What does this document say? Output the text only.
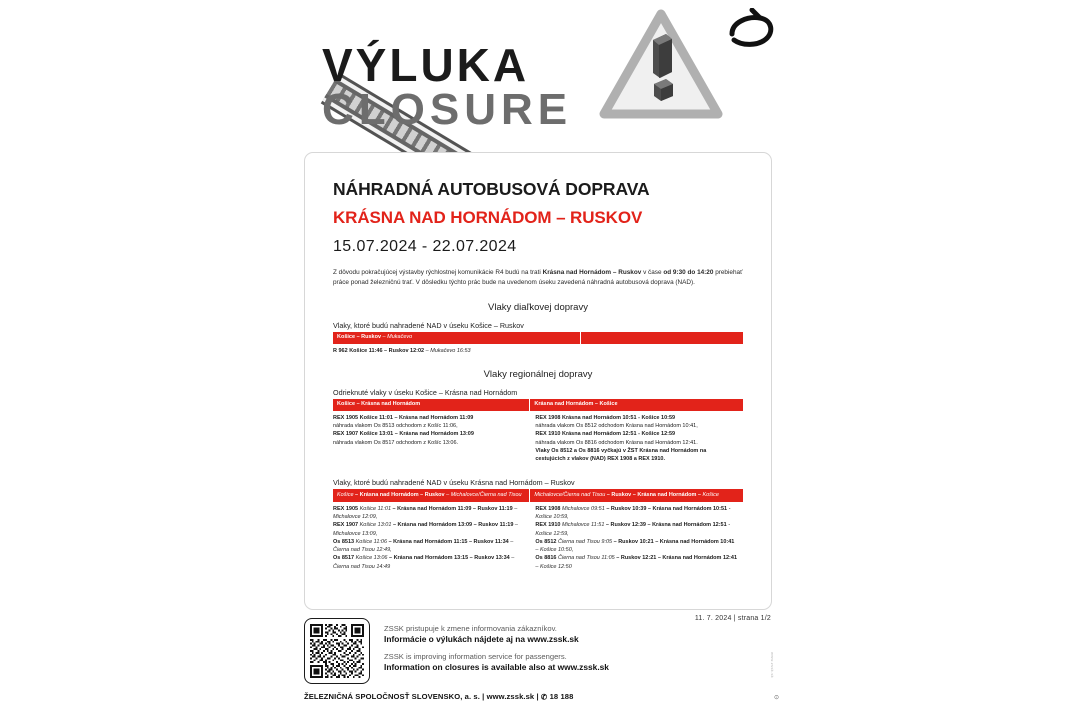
VÝLUKA
CLOSURE
NÁHRADNÁ AUTOBUSOVÁ DOPRAVA
KRÁSNA NAD HORNÁDOM – RUSKOV
15.07.2024 - 22.07.2024

Z dôvodu pokračujúcej výstavby rýchlostnej komunikácie R4 budú na trati Krásna nad Hornádom – Ruskov v čase od 9:30 do 14:20 prebiehať práce ponad železničnú trať. V dôsledku týchto prác bude na uvedenom úseku zavedená náhradná autobusová doprava (NAD).

Vlaky diaľkovej dopravy
Vlaky, ktoré budú nahradené NAD v úseku Košice – Ruskov
Košice – Ruskov – Mukačevo	
R 962 Košice 11:46 – Ruskov 12:02 – Mukačevo 16:53
Vlaky regionálnej dopravy
Odrieknuté vlaky v úseku Košice – Krásna nad Hornádom
Košice – Krásna nad Hornádom	Krásna nad Hornádom – Košice

REX 1905 Košice 11:01 – Krásna nad Hornádom 11:09
náhrada vlakom Os 8513 odchodom z Košíc 11:06,
REX 1907 Košice 13:01 – Krásna nad Hornádom 13:09
náhrada vlakom Os 8517 odchodom z Košíc 13:06.

REX 1908 Krásna nad Hornádom 10:51 - Košice 10:59
náhrada vlakom Os 8512 odchodom Krásna nad Hornádom 10:41,
REX 1910 Krásna nad Hornádom 12:51 - Košice 12:59
náhrada vlakom Os 8816 odchodom Krásna nad Hornádom 12:41.
Vlaky Os 8512 a Os 8816 vyčkajú v ŽST Krásna nad Hornádom na cestujúcich z vlakov (NAD) REX 1908 a REX 1910.
Vlaky, ktoré budú nahradené NAD v úseku Krásna nad Hornádom – Ruskov
Košice – Krásna nad Hornádom – Ruskov – Michalovce/Čierna nad Tisou	Michalovce/Čierna nad Tisou – Ruskov – Krásna nad Hornádom – Košice

REX 1905 Košice 11:01 – Krásna nad Hornádom 11:09 – Ruskov 11:19 – Michalovce 12:09,
REX 1907 Košice 13:01 – Krásna nad Hornádom 13:09 – Ruskov 11:19 – Michalovce 13:09,
Os 8513 Košice 11:06 – Krásna nad Hornádom 11:15 – Ruskov 11:34 – Čierna nad Tisou 12:49,
Os 8517 Košice 13:06 – Krásna nad Hornádom 13:15 – Ruskov 13:34 – Čierna nad Tisou 14:49

REX 1908 Michalovce 09:51 – Ruskov 10:39 – Krásna nad Hornádom 10:51 - Košice 10:59,
REX 1910 Michalovce 11:51 – Ruskov 12:39 – Krásna nad Hornádom 12:51 - Košice 12:59,
Os 8512 Čierna nad Tisou 9:05 – Ruskov 10:21 – Krásna nad Hornádom 10:41 – Košice 10:50,
Os 8816 Čierna nad Tisou 11:05 – Ruskov 12:21 – Krásna nad Hornádom 12:41 – Košice 12:50
11. 7. 2024 | strana 1/2

ZSSK pristupuje k zmene informovania zákazníkov.

Informácie o výlukách nájdete aj na www.zssk.sk

ZSSK is improving information service for passengers.

Information on closures is available also at www.zssk.sk

ŽELEZNIČNÁ SPOLOČNOSŤ SLOVENSKO, a. s. | www.zssk.sk | ✆ 18 188
www.zssk.sk
⊙
